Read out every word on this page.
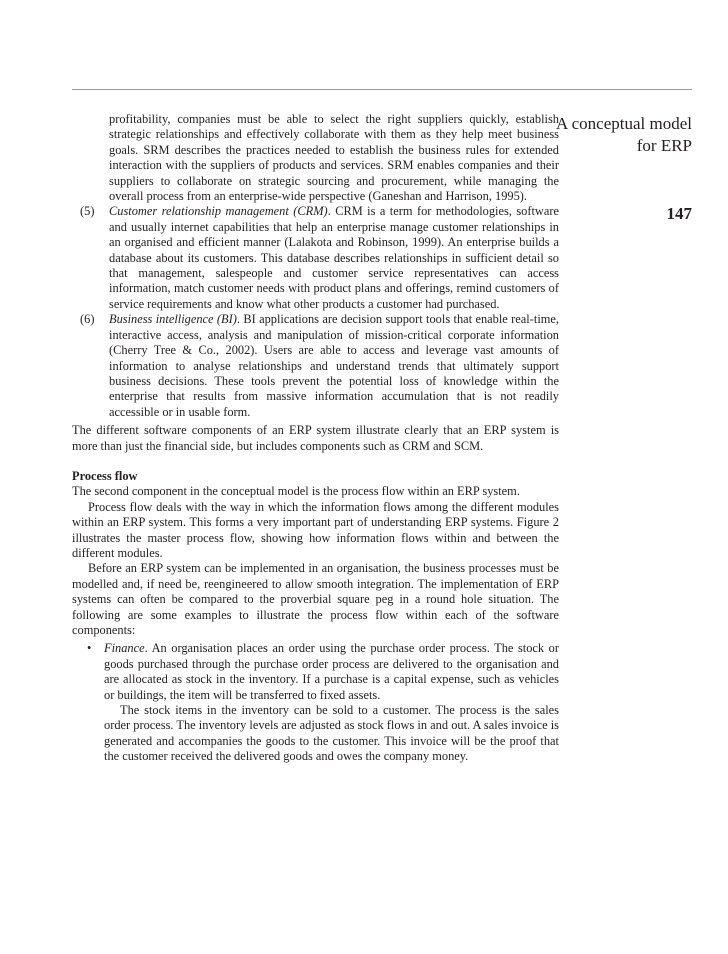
A conceptual model for ERP
147

profitability, companies must be able to select the right suppliers quickly, establish strategic relationships and effectively collaborate with them as they help meet business goals. SRM describes the practices needed to establish the business rules for extended interaction with the suppliers of products and services. SRM enables companies and their suppliers to collaborate on strategic sourcing and procurement, while managing the overall process from an enterprise-wide perspective (Ganeshan and Harrison, 1995).

(5)	Customer relationship management (CRM). CRM is a term for methodologies, software and usually internet capabilities that help an enterprise manage customer relationships in an organised and efficient manner (Lalakota and Robinson, 1999). An enterprise builds a database about its customers. This database describes relationships in sufficient detail so that management, salespeople and customer service representatives can access information, match customer needs with product plans and offerings, remind customers of service requirements and know what other products a customer had purchased.

(6)	Business intelligence (BI). BI applications are decision support tools that enable real-time, interactive access, analysis and manipulation of mission-critical corporate information (Cherry Tree & Co., 2002). Users are able to access and leverage vast amounts of information to analyse relationships and understand trends that ultimately support business decisions. These tools prevent the potential loss of knowledge within the enterprise that results from massive information accumulation that is not readily accessible or in usable form.

The different software components of an ERP system illustrate clearly that an ERP system is more than just the financial side, but includes components such as CRM and SCM.

Process flow

The second component in the conceptual model is the process flow within an ERP system.

Process flow deals with the way in which the information flows among the different modules within an ERP system. This forms a very important part of understanding ERP systems. Figure 2 illustrates the master process flow, showing how information flows within and between the different modules.

Before an ERP system can be implemented in an organisation, the business processes must be modelled and, if need be, reengineered to allow smooth integration. The implementation of ERP systems can often be compared to the proverbial square peg in a round hole situation. The following are some examples to illustrate the process flow within each of the software components:

•	Finance. An organisation places an order using the purchase order process. The stock or goods purchased through the purchase order process are delivered to the organisation and are allocated as stock in the inventory. If a purchase is a capital expense, such as vehicles or buildings, the item will be transferred to fixed assets.

The stock items in the inventory can be sold to a customer. The process is the sales order process. The inventory levels are adjusted as stock flows in and out. A sales invoice is generated and accompanies the goods to the customer. This invoice will be the proof that the customer received the delivered goods and owes the company money.
